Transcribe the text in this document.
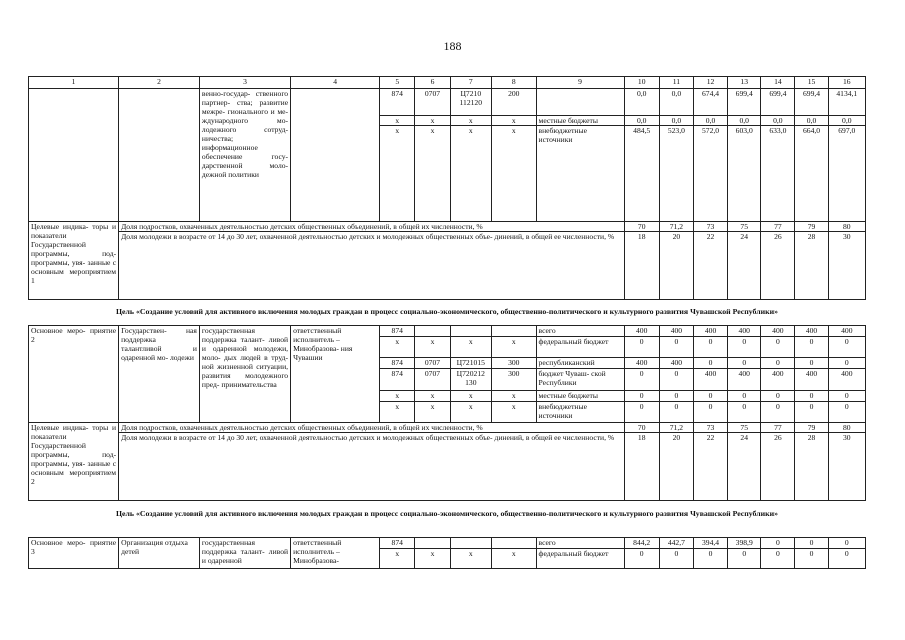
188
1	2	3	4	5	6	7	8	9	10	11	12	13	14	15	16
		венно-государ- ственного партнер- ства; развитие межре- гионального и ме- ждународного мо- лодежного сотруд- ничества; информационное обеспечение госу- дарственной моло- дежной политики		874	0707	Ц7210 112120	200		0,0	0,0	674,4	699,4	699,4	699,4	4134,1
				x	x	x	x	местные бюджеты	0,0	0,0	0,0	0,0	0,0	0,0	0,0
				x	x	x	x	внебюджетные источники	484,5	523,0	572,0	603,0	633,0	664,0	697,0
Целевые индика- торы и показатели Государственной программы, под- программы, увя- занные с основным мероприятием 1	Доля подростков, охваченных деятельностью детских общественных объединений, в общей их численности, %								70	71,2	73	75	77	79	80
	Доля молодежи в возрасте от 14 до 30 лет, охваченной деятельностью детских и молодежных общественных объе- динений, в общей ее численности, %								18	20	22	24	26	28	30
Цель «Создание условий для активного включения молодых граждан в процесс социально-экономического, общественно-политического и культурного развития Чувашской Республики»															
Основное меро- приятие 2	Государствен- ная поддержка талантливой и одаренной мо- лодежи	государственная поддержка талант- ливой и одаренной молодежи, моло- дых людей в труд- ной жизненной ситуации, развития молодежного пред- принимательства	ответственный исполнитель – Минобразова- ния Чувашии	874				всего	400	400	400	400	400	400	400
				x	x	x	x	федеральный бюджет	0	0	0	0	0	0	0
				874	0707	Ц721015	300	республиканский	400	400	0	0	0	0	0
				874	0707	Ц720212 130	300	бюджет Чуваш- ской Республики	0	0	400	400	400	400	400
				x	x	x	x	местные бюджеты	0	0	0	0	0	0	0
				x	x	x	x	внебюджетные источники	0	0	0	0	0	0	0
Целевые индика- торы и показатели Государственной программы, под- программы, увя- занные с основным мероприятием 2	Доля подростков, охваченных деятельностью детских общественных объединений, в общей их численности, %								70	71,2	73	75	77	79	80
	Доля молодежи в возрасте от 14 до 30 лет, охваченной деятельностью детских и молодежных общественных объе- динений, в общей ее численности, %								18	20	22	24	26	28	30
Цель «Создание условий для активного включения молодых граждан в процесс социально-экономического, общественно-политического и культурного развития Чувашской Республики»															
Основное меро- приятие 3	Организация отдыха детей	государственная поддержка талант- ливой и одаренной	ответственный исполнитель – Минобразова-	874				всего	844,2	442,7	394,4	398,9	0	0	0
				x	x	x	x	федеральный бюджет	0	0	0	0	0	0	0
